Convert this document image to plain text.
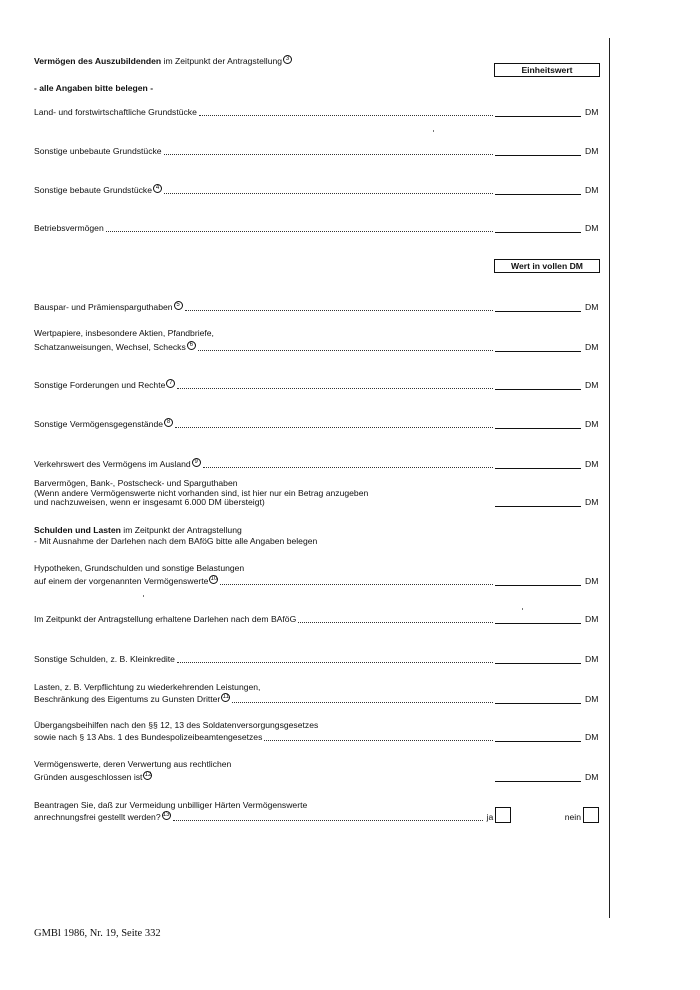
Vermögen des Auszubildenden im Zeitpunkt der Antragstellung 3
Einheitswert
- alle Angaben bitte belegen -
Land- und forstwirtschaftliche Grundstücke	DM
Sonstige unbebaute Grundstücke	DM
Sonstige bebaute Grundstücke 4	DM
Betriebsvermögen	DM
Wert in vollen DM
Bauspar- und Prämiensparguthaben 5	DM
Wertpapiere, insbesondere Aktien, Pfandbriefe,
Schatzanweisungen, Wechsel, Schecks 6	DM
Sonstige Forderungen und Rechte 7	DM
Sonstige Vermögensgegenstände 8	DM
Verkehrswert des Vermögens im Ausland 9	DM
Barvermögen, Bank-, Postscheck- und Sparguthaben
(Wenn andere Vermögenswerte nicht vorhanden sind, ist hier nur ein Betrag anzugeben
und nachzuweisen, wenn er insgesamt 6.000 DM übersteigt)	DM
Schulden und Lasten im Zeitpunkt der Antragstellung
- Mit Ausnahme der Darlehen nach dem BAföG bitte alle Angaben belegen
Hypotheken, Grundschulden und sonstige Belastungen
auf einem der vorgenannten Vermögenswerte 10	DM
Im Zeitpunkt der Antragstellung erhaltene Darlehen nach dem BAföG	DM
Sonstige Schulden, z. B. Kleinkredite	DM
Lasten, z. B. Verpflichtung zu wiederkehrenden Leistungen,
Beschränkung des Eigentums zu Gunsten Dritter 11	DM
Übergangsbeihilfen nach den §§ 12, 13 des Soldatenversorgungsgesetzes
sowie nach § 13 Abs. 1 des Bundespolizeibeamtengesetzes	DM
Vermögenswerte, deren Verwertung aus rechtlichen
Gründen ausgeschlossen ist 12	DM
Beantragen Sie, daß zur Vermeidung unbilliger Härten Vermögenswerte
anrechnungsfrei gestellt werden? 13	ja	nein
GMBl 1986, Nr. 19, Seite 332
